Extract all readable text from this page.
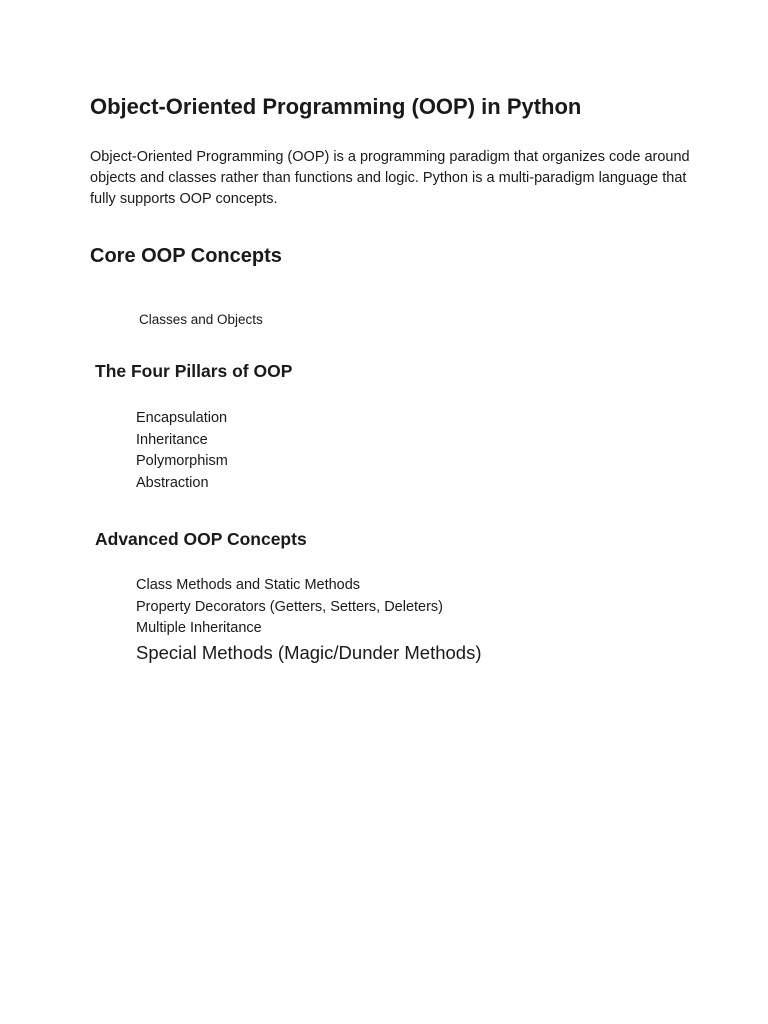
Object-Oriented Programming (OOP) in Python

Object-Oriented Programming (OOP) is a programming paradigm that organizes code around objects and classes rather than functions and logic. Python is a multi-paradigm language that fully supports OOP concepts.

Core OOP Concepts

Classes and Objects

The Four Pillars of OOP
Encapsulation
Inheritance
Polymorphism
Abstraction
Advanced OOP Concepts
Class Methods and Static Methods
Property Decorators (Getters, Setters, Deleters)
Multiple Inheritance

Special Methods (Magic/Dunder Methods)
